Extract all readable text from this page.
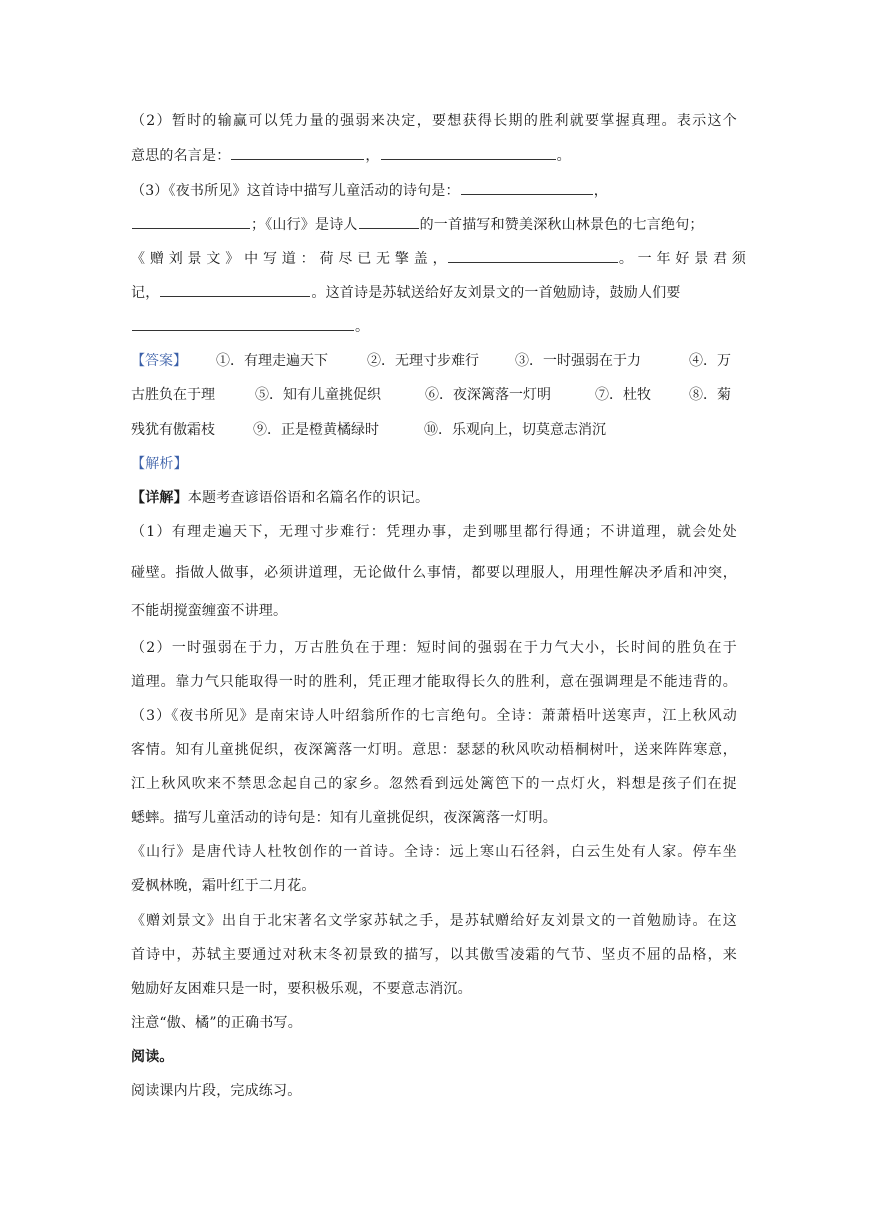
（2）暂时的输赢可以凭力量的强弱来决定，要想获得长期的胜利就要掌握真理。表示这个
意思的名言是：	，	。
（3）《夜书所见》这首诗中描写儿童活动的诗句是：	，
；《山行》是诗人	的一首描写和赞美深秋山林景色的七言绝句；
《 赠 刘 景 文 》 中 写 道 ： 荷 尽 已 无 擎 盖 ，	。 一 年 好 景 君 须
记，	。这首诗是苏轼送给好友刘景文的一首勉励诗，鼓励人们要
。
【答案】 ①．有理走遍天下	②．无理寸步难行	③．一时强弱在于力	④．万
古胜负在于理	⑤．知有儿童挑促织	⑥．夜深篱落一灯明	⑦．杜牧	⑧．菊
残犹有傲霜枝	⑨．正是橙黄橘绿时	⑩．乐观向上，切莫意志消沉
【解析】
【详解】本题考查谚语俗语和名篇名作的识记。
（1）有理走遍天下，无理寸步难行：凭理办事，走到哪里都行得通；不讲道理，就会处处
碰壁。指做人做事，必须讲道理，无论做什么事情，都要以理服人，用理性解决矛盾和冲突，
不能胡搅蛮缠蛮不讲理。
（2）一时强弱在于力，万古胜负在于理：短时间的强弱在于力气大小，长时间的胜负在于
道理。靠力气只能取得一时的胜利，凭正理才能取得长久的胜利，意在强调理是不能违背的。
（3）《夜书所见》是南宋诗人叶绍翁所作的七言绝句。全诗：萧萧梧叶送寒声，江上秋风动
客情。知有儿童挑促织，夜深篱落一灯明。意思：瑟瑟的秋风吹动梧桐树叶，送来阵阵寒意，
江上秋风吹来不禁思念起自己的家乡。忽然看到远处篱笆下的一点灯火，料想是孩子们在捉
蟋蟀。描写儿童活动的诗句是：知有儿童挑促织，夜深篱落一灯明。
《山行》是唐代诗人杜牧创作的一首诗。全诗：远上寒山石径斜，白云生处有人家。停车坐
爱枫林晚，霜叶红于二月花。
《赠刘景文》出自于北宋著名文学家苏轼之手，是苏轼赠给好友刘景文的一首勉励诗。在这
首诗中，苏轼主要通过对秋末冬初景致的描写，以其傲雪凌霜的气节、坚贞不屈的品格，来
勉励好友困难只是一时，要积极乐观，不要意志消沉。
注意“傲、橘”的正确书写。
阅读。
阅读课内片段，完成练习。
